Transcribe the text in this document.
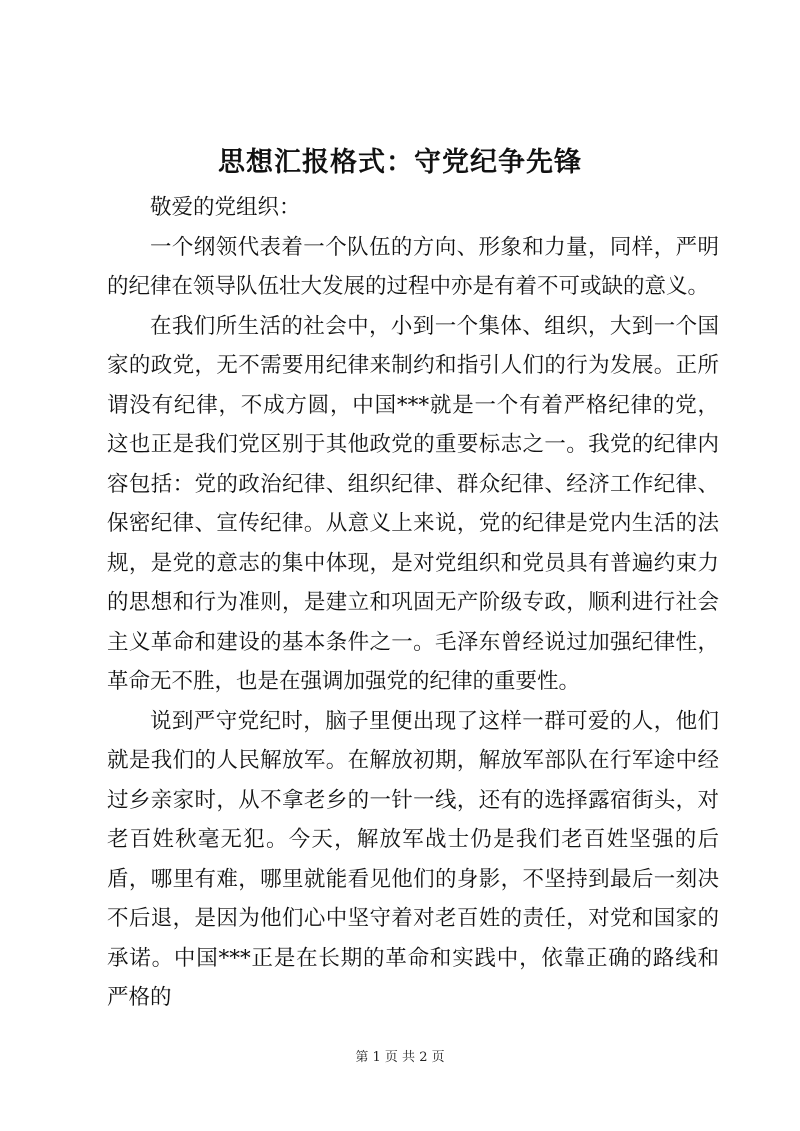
思想汇报格式：守党纪争先锋

敬爱的党组织：

一个纲领代表着一个队伍的方向、形象和力量，同样，严明的纪律在领导队伍壮大发展的过程中亦是有着不可或缺的意义。

在我们所生活的社会中，小到一个集体、组织，大到一个国家的政党，无不需要用纪律来制约和指引人们的行为发展。正所谓没有纪律，不成方圆，中国***就是一个有着严格纪律的党，这也正是我们党区别于其他政党的重要标志之一。我党的纪律内容包括：党的政治纪律、组织纪律、群众纪律、经济工作纪律、保密纪律、宣传纪律。从意义上来说，党的纪律是党内生活的法规，是党的意志的集中体现，是对党组织和党员具有普遍约束力的思想和行为准则，是建立和巩固无产阶级专政，顺利进行社会主义革命和建设的基本条件之一。毛泽东曾经说过加强纪律性，革命无不胜，也是在强调加强党的纪律的重要性。

说到严守党纪时，脑子里便出现了这样一群可爱的人，他们就是我们的人民解放军。在解放初期，解放军部队在行军途中经过乡亲家时，从不拿老乡的一针一线，还有的选择露宿街头，对老百姓秋毫无犯。今天，解放军战士仍是我们老百姓坚强的后盾，哪里有难，哪里就能看见他们的身影，不坚持到最后一刻决不后退，是因为他们心中坚守着对老百姓的责任，对党和国家的承诺。中国***正是在长期的革命和实践中，依靠正确的路线和严格的

第 1 页 共 2 页
